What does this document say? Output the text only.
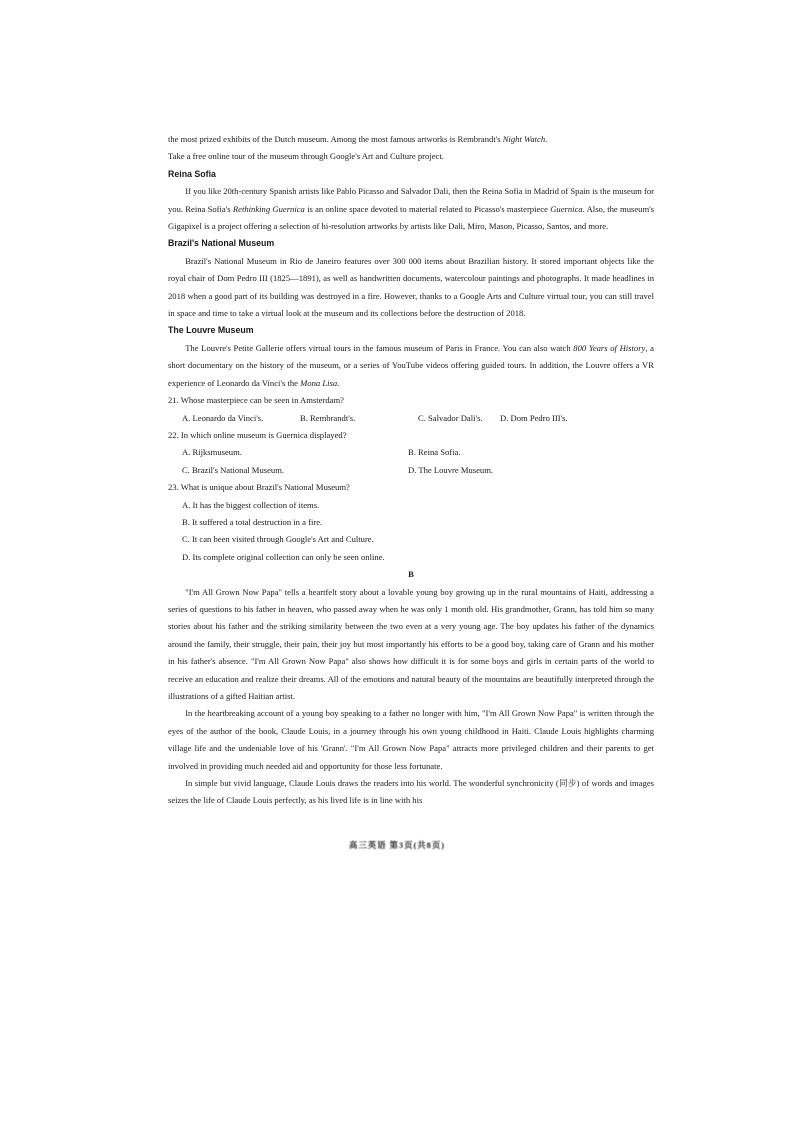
the most prized exhibits of the Dutch museum. Among the most famous artworks is Rembrandt's Night Watch.

Take a free online tour of the museum through Google's Art and Culture project.

Reina Sofia

If you like 20th-century Spanish artists like Pablo Picasso and Salvador Dali, then the Reina Sofia in Madrid of Spain is the museum for you. Reina Sofia's Rethinking Guernica is an online space devoted to material related to Picasso's masterpiece Guernica. Also, the museum's Gigapixel is a project offering a selection of hi-resolution artworks by artists like Dali, Miro, Mason, Picasso, Santos, and more.

Brazil's National Museum

Brazil's National Museum in Rio de Janeiro features over 300 000 items about Brazilian history. It stored important objects like the royal chair of Dom Pedro III (1825—1891), as well as handwritten documents, watercolour paintings and photographs. It made headlines in 2018 when a good part of its building was destroyed in a fire. However, thanks to a Google Arts and Culture virtual tour, you can still travel in space and time to take a virtual look at the museum and its collections before the destruction of 2018.

The Louvre Museum

The Louvre's Petite Gallerie offers virtual tours in the famous museum of Paris in France. You can also watch 800 Years of History, a short documentary on the history of the museum, or a series of YouTube videos offering guided tours. In addition, the Louvre offers a VR experience of Leonardo da Vinci's the Mona Lisa.

21. Whose masterpiece can be seen in Amsterdam?

A. Leonardo da Vinci's.	B. Rembrandt's.	C. Salvador Dali's.	D. Dom Pedro III's.

22. In which online museum is Guernica displayed?

A. Rijksmuseum.	B. Reina Sofia.
C. Brazil's National Museum.	D. The Louvre Museum.

23. What is unique about Brazil's National Museum?

A. It has the biggest collection of items.

B. It suffered a total destruction in a fire.

C. It can been visited through Google's Art and Culture.

D. Its complete original collection can only be seen online.

B

"I'm All Grown Now Papa" tells a heartfelt story about a lovable young boy growing up in the rural mountains of Haiti, addressing a series of questions to his father in heaven, who passed away when he was only 1 month old. His grandmother, Grann, has told him so many stories about his father and the striking similarity between the two even at a very young age. The boy updates his father of the dynamics around the family, their struggle, their pain, their joy but most importantly his efforts to be a good boy, taking care of Grann and his mother in his father's absence. "I'm All Grown Now Papa" also shows how difficult it is for some boys and girls in certain parts of the world to receive an education and realize their dreams. All of the emotions and natural beauty of the mountains are beautifully interpreted through the illustrations of a gifted Haitian artist.

In the heartbreaking account of a young boy speaking to a father no longer with him, "I'm All Grown Now Papa" is written through the eyes of the author of the book, Claude Louis, in a journey through his own young childhood in Haiti. Claude Louis highlights charming village life and the undeniable love of his 'Grann'. "I'm All Grown Now Papa" attracts more privileged children and their parents to get involved in providing much needed aid and opportunity for those less fortunate.

In simple but vivid language, Claude Louis draws the readers into his world. The wonderful synchronicity (同步) of words and images seizes the life of Claude Louis perfectly, as his lived life is in line with his

高三英语 第3页(共8页)
